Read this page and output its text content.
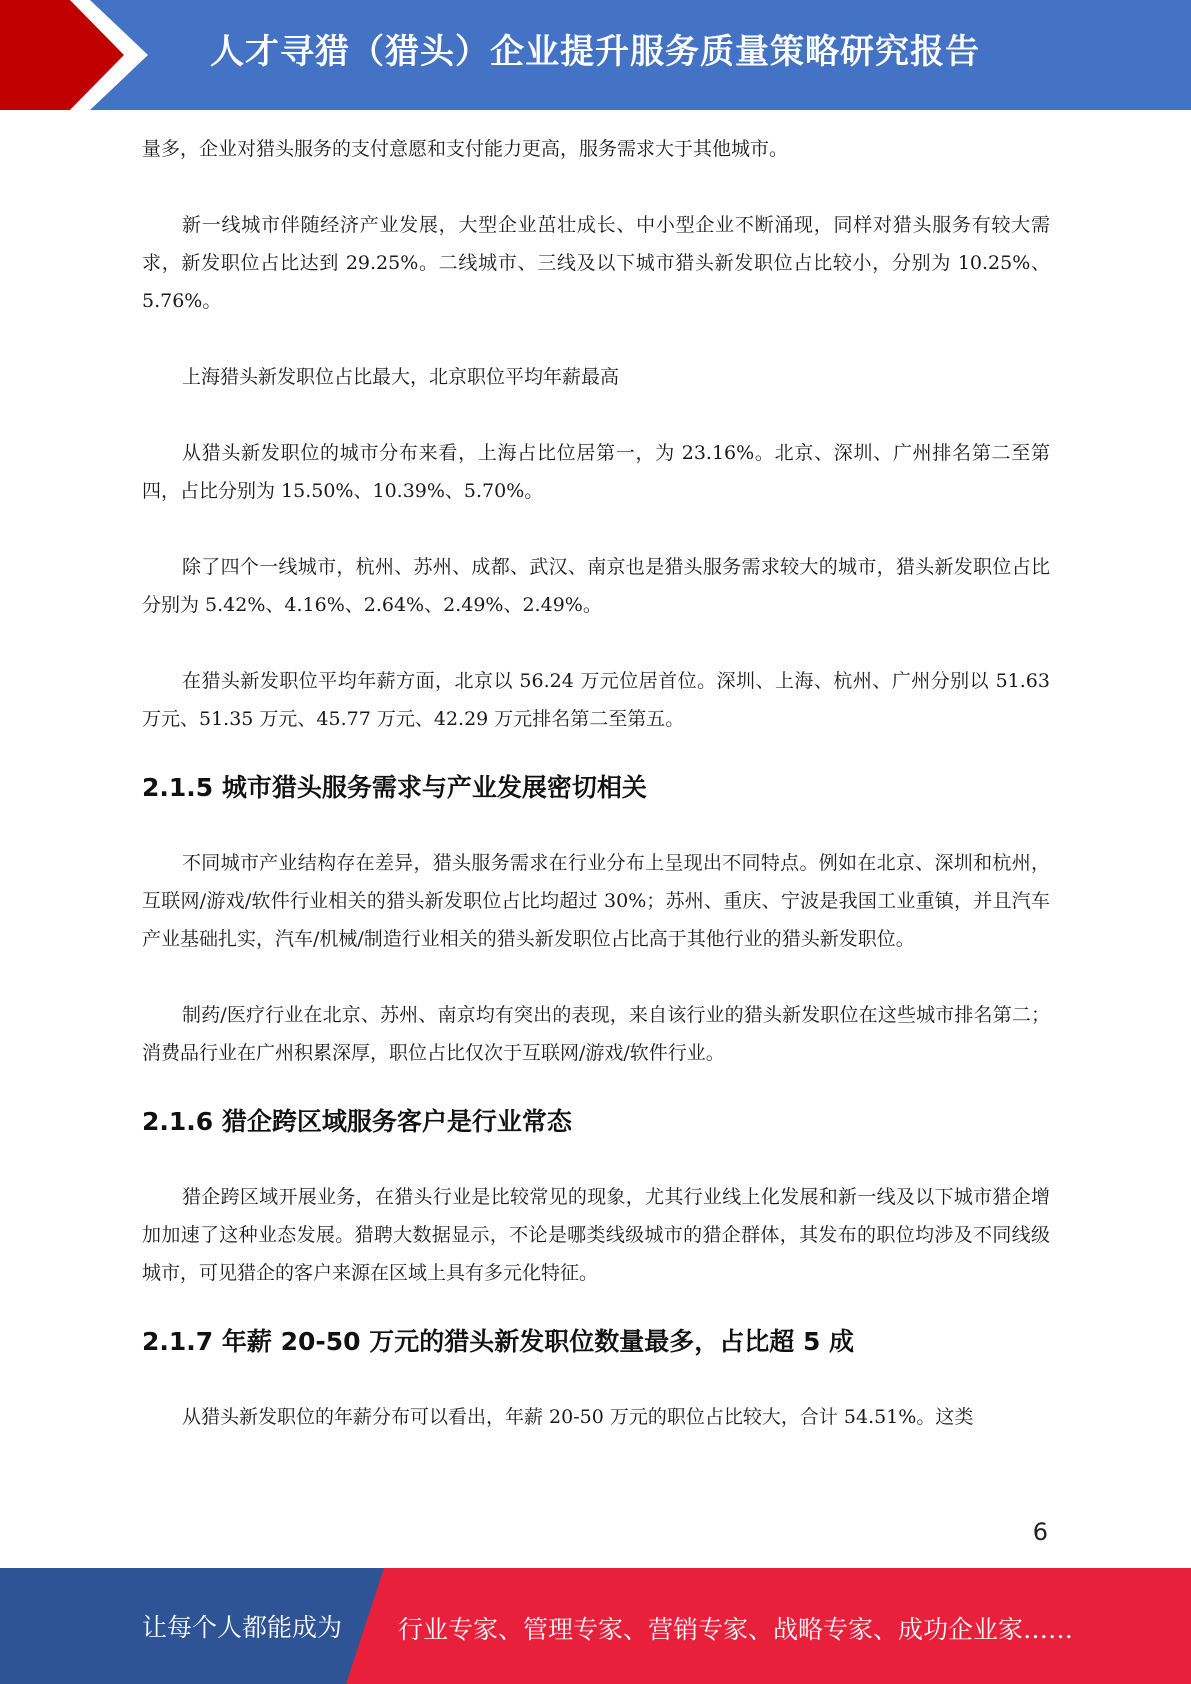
人才寻猎（猎头）企业提升服务质量策略研究报告

量多，企业对猎头服务的支付意愿和支付能力更高，服务需求大于其他城市。

新一线城市伴随经济产业发展，大型企业茁壮成长、中小型企业不断涌现，同样对猎头服务有较大需求，新发职位占比达到 29.25%。二线城市、三线及以下城市猎头新发职位占比较小，分别为 10.25%、5.76%。

上海猎头新发职位占比最大，北京职位平均年薪最高

从猎头新发职位的城市分布来看，上海占比位居第一，为 23.16%。北京、深圳、广州排名第二至第四，占比分别为 15.50%、10.39%、5.70%。

除了四个一线城市，杭州、苏州、成都、武汉、南京也是猎头服务需求较大的城市，猎头新发职位占比分别为 5.42%、4.16%、2.64%、2.49%、2.49%。

在猎头新发职位平均年薪方面，北京以 56.24 万元位居首位。深圳、上海、杭州、广州分别以 51.63 万元、51.35 万元、45.77 万元、42.29 万元排名第二至第五。

2.1.5 城市猎头服务需求与产业发展密切相关

不同城市产业结构存在差异，猎头服务需求在行业分布上呈现出不同特点。例如在北京、深圳和杭州，互联网/游戏/软件行业相关的猎头新发职位占比均超过 30%；苏州、重庆、宁波是我国工业重镇，并且汽车产业基础扎实，汽车/机械/制造行业相关的猎头新发职位占比高于其他行业的猎头新发职位。

制药/医疗行业在北京、苏州、南京均有突出的表现，来自该行业的猎头新发职位在这些城市排名第二；消费品行业在广州积累深厚，职位占比仅次于互联网/游戏/软件行业。

2.1.6 猎企跨区域服务客户是行业常态

猎企跨区域开展业务，在猎头行业是比较常见的现象，尤其行业线上化发展和新一线及以下城市猎企增加加速了这种业态发展。猎聘大数据显示，不论是哪类线级城市的猎企群体，其发布的职位均涉及不同线级城市，可见猎企的客户来源在区域上具有多元化特征。

2.1.7 年薪 20-50 万元的猎头新发职位数量最多，占比超 5 成

从猎头新发职位的年薪分布可以看出，年薪 20-50 万元的职位占比较大，合计 54.51%。这类

6
让每个人都能成为 行业专家、管理专家、营销专家、战略专家、成功企业家……
